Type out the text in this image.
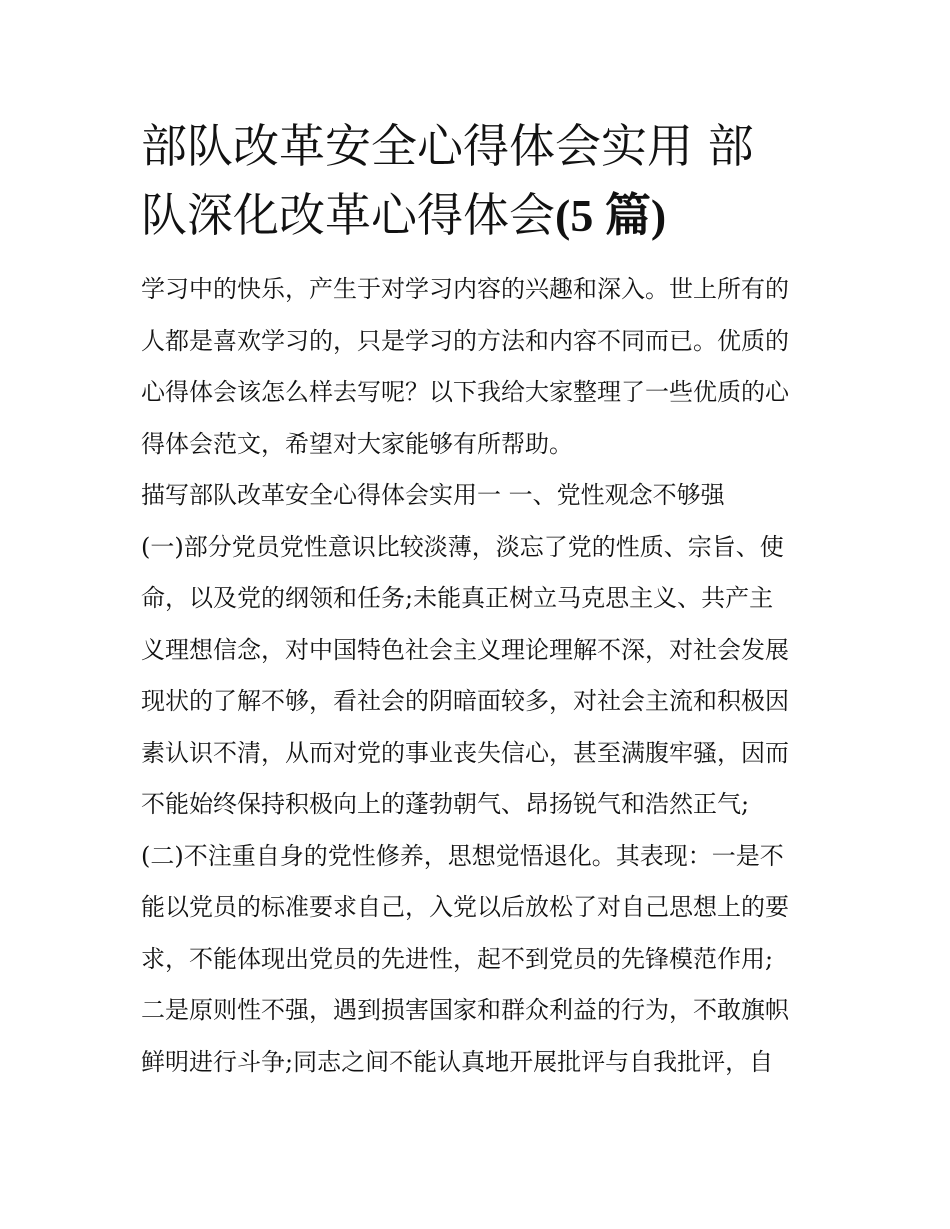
部队改革安全心得体会实用 部
队深化改革心得体会(5 篇)

学习中的快乐，产生于对学习内容的兴趣和深入。世上所有的
人都是喜欢学习的，只是学习的方法和内容不同而已。优质的
心得体会该怎么样去写呢？以下我给大家整理了一些优质的心
得体会范文，希望对大家能够有所帮助。

描写部队改革安全心得体会实用一 一、党性观念不够强

(一)部分党员党性意识比较淡薄，淡忘了党的性质、宗旨、使
命，以及党的纲领和任务;未能真正树立马克思主义、共产主
义理想信念，对中国特色社会主义理论理解不深，对社会发展
现状的了解不够，看社会的阴暗面较多，对社会主流和积极因
素认识不清，从而对党的事业丧失信心，甚至满腹牢骚，因而
不能始终保持积极向上的蓬勃朝气、昂扬锐气和浩然正气;

(二)不注重自身的党性修养，思想觉悟退化。其表现：一是不
能以党员的标准要求自己，入党以后放松了对自己思想上的要
求，不能体现出党员的先进性，起不到党员的先锋模范作用;
二是原则性不强，遇到损害国家和群众利益的行为，不敢旗帜
鲜明进行斗争;同志之间不能认真地开展批评与自我批评，自
